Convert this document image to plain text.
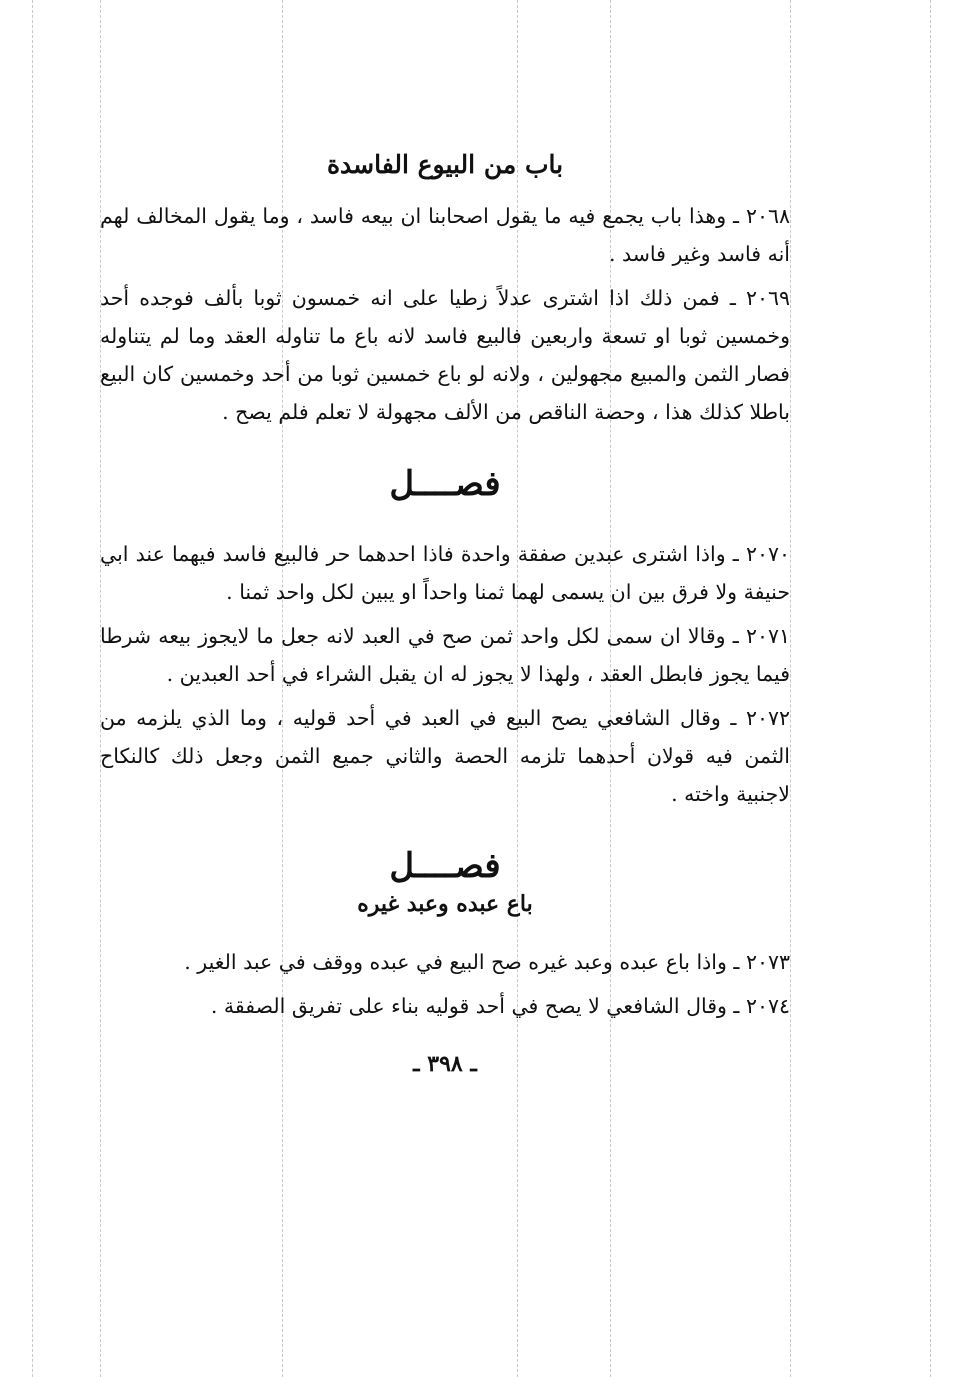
باب من البيوع الفاسدة

٢٠٦٨ ـ وهذا باب يجمع فيه ما يقول اصحابنا ان بيعه فاسد ، وما يقول المخالف لهم أنه فاسد وغير فاسد .

٢٠٦٩ ـ فمن ذلك اذا اشترى عدلاً زطيا على انه خمسون ثوبا بألف فوجده أحد وخمسين ثوبا او تسعة واربعين فالبيع فاسد لانه باع ما تناوله العقد وما لم يتناوله فصار الثمن والمبيع مجهولين ، ولانه لو باع خمسين ثوبا من أحد وخمسين كان البيع باطلا كذلك هذا ، وحصة الناقص من الألف مجهولة لا تعلم فلم يصح .

فصــــل

٢٠٧٠ ـ واذا اشترى عبدين صفقة واحدة فاذا احدهما حر فالبيع فاسد فيهما عند ابي حنيفة ولا فرق بين ان يسمى لهما ثمنا واحداً او يبين لكل واحد ثمنا .

٢٠٧١ ـ وقالا ان سمى لكل واحد ثمن صح في العبد لانه جعل ما لايجوز بيعه شرطا فيما يجوز فابطل العقد ، ولهذا لا يجوز له ان يقبل الشراء في أحد العبدين .

٢٠٧٢ ـ وقال الشافعي يصح البيع في العبد في أحد قوليه ، وما الذي يلزمه من الثمن فيه قولان أحدهما تلزمه الحصة والثاني جميع الثمن وجعل ذلك كالنكاح لاجنبية واخته .

فصــــل
باع عبده وعبد غيره

٢٠٧٣ ـ واذا باع عبده وعبد غيره صح البيع في عبده ووقف في عبد الغير .

٢٠٧٤ ـ وقال الشافعي لا يصح في أحد قوليه بناء على تفريق الصفقة .

ـ ٣٩٨ ـ
